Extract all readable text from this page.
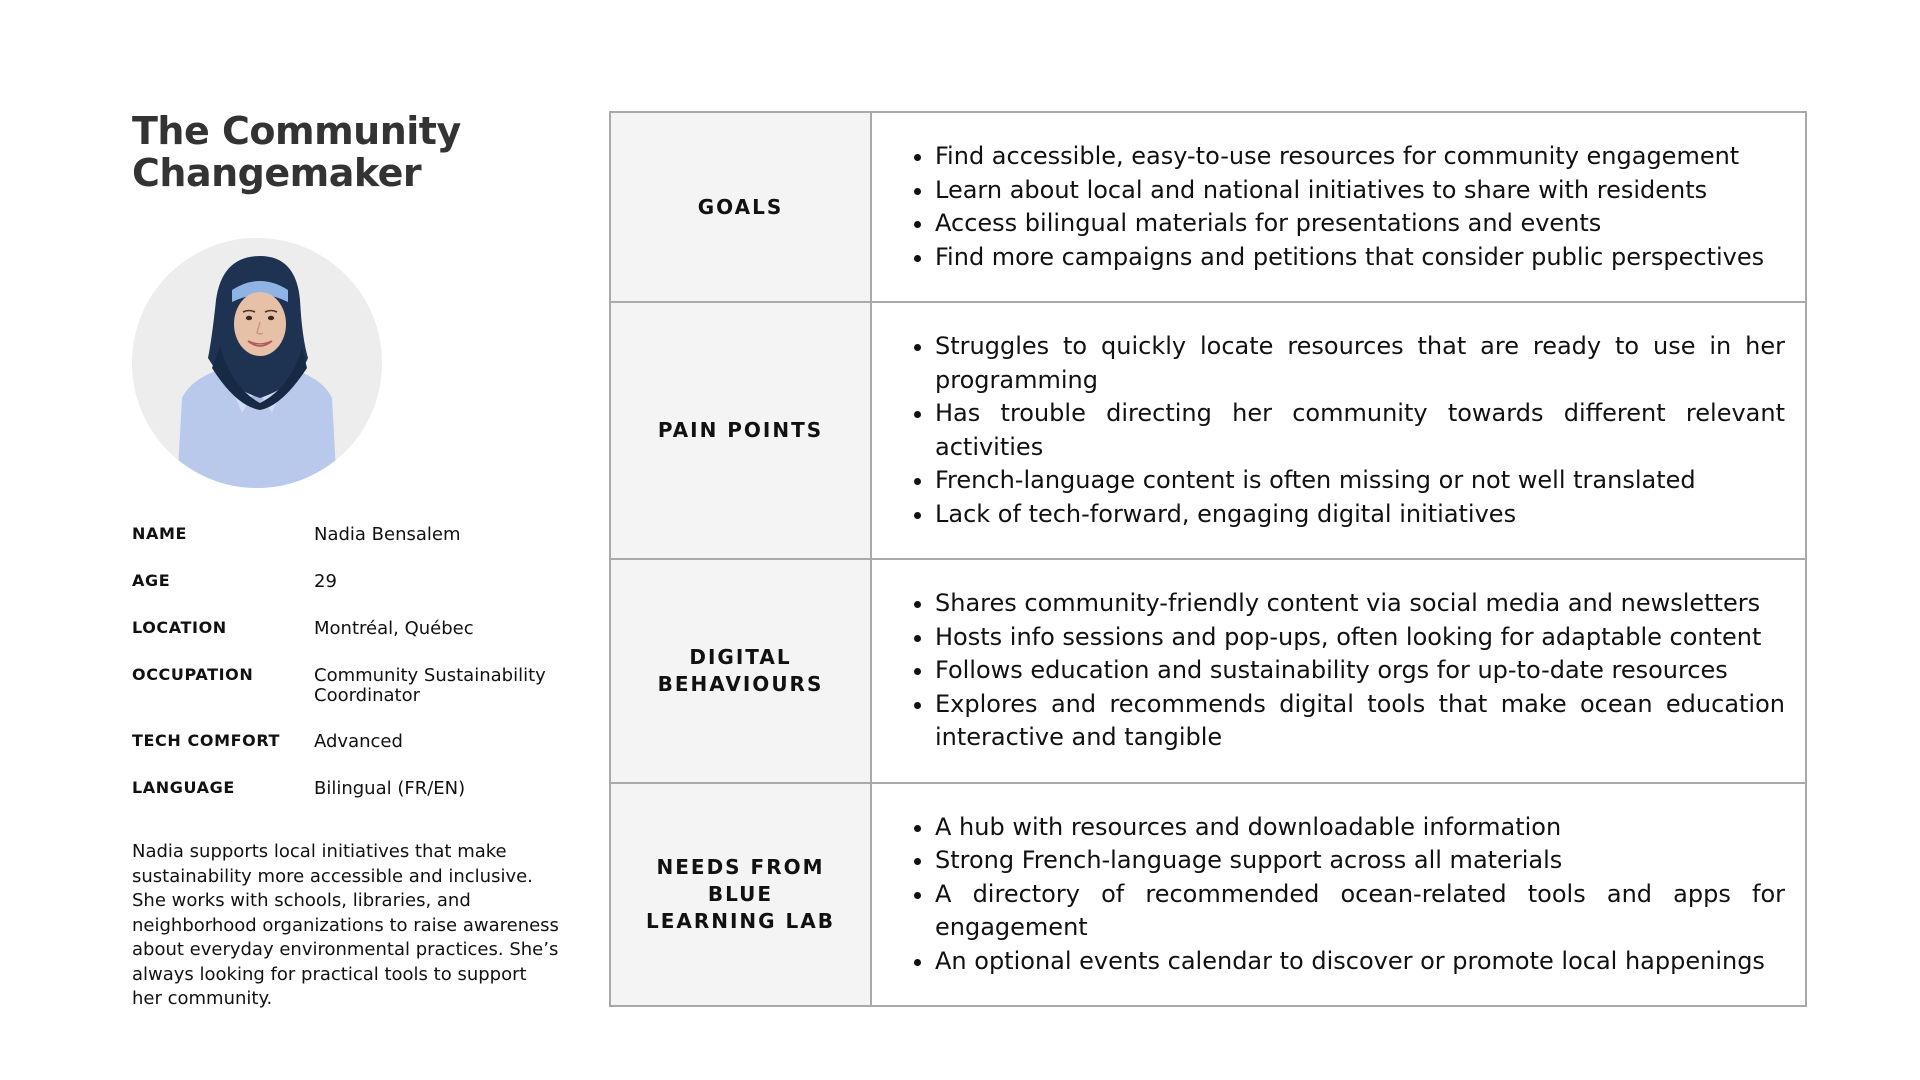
The Community
Changemaker
NAME	Nadia Bensalem
AGE	29
LOCATION	Montréal, Québec
OCCUPATION	Community Sustainability Coordinator
TECH COMFORT	Advanced
LANGUAGE	Bilingual (FR/EN)

Nadia supports local initiatives that make sustainability more accessible and inclusive. She works with schools, libraries, and neighborhood organizations to raise awareness about everyday environmental practices. She’s always looking for practical tools to support her community.

GOALS
• Find accessible, easy-to-use resources for community engagement
• Learn about local and national initiatives to share with residents
• Access bilingual materials for presentations and events
• Find more campaigns and petitions that consider public perspectives
PAIN POINTS
• Struggles to quickly locate resources that are ready to use in her programming
• Has trouble directing her community towards different relevant activities
• French-language content is often missing or not well translated
• Lack of tech-forward, engaging digital initiatives
DIGITAL
BEHAVIOURS
• Shares community-friendly content via social media and newsletters
• Hosts info sessions and pop-ups, often looking for adaptable content
• Follows education and sustainability orgs for up-to-date resources
• Explores and recommends digital tools that make ocean education interactive and tangible
NEEDS FROM BLUE
LEARNING LAB
• A hub with resources and downloadable information
• Strong French-language support across all materials
• A directory of recommended ocean-related tools and apps for engagement
• An optional events calendar to discover or promote local happenings
